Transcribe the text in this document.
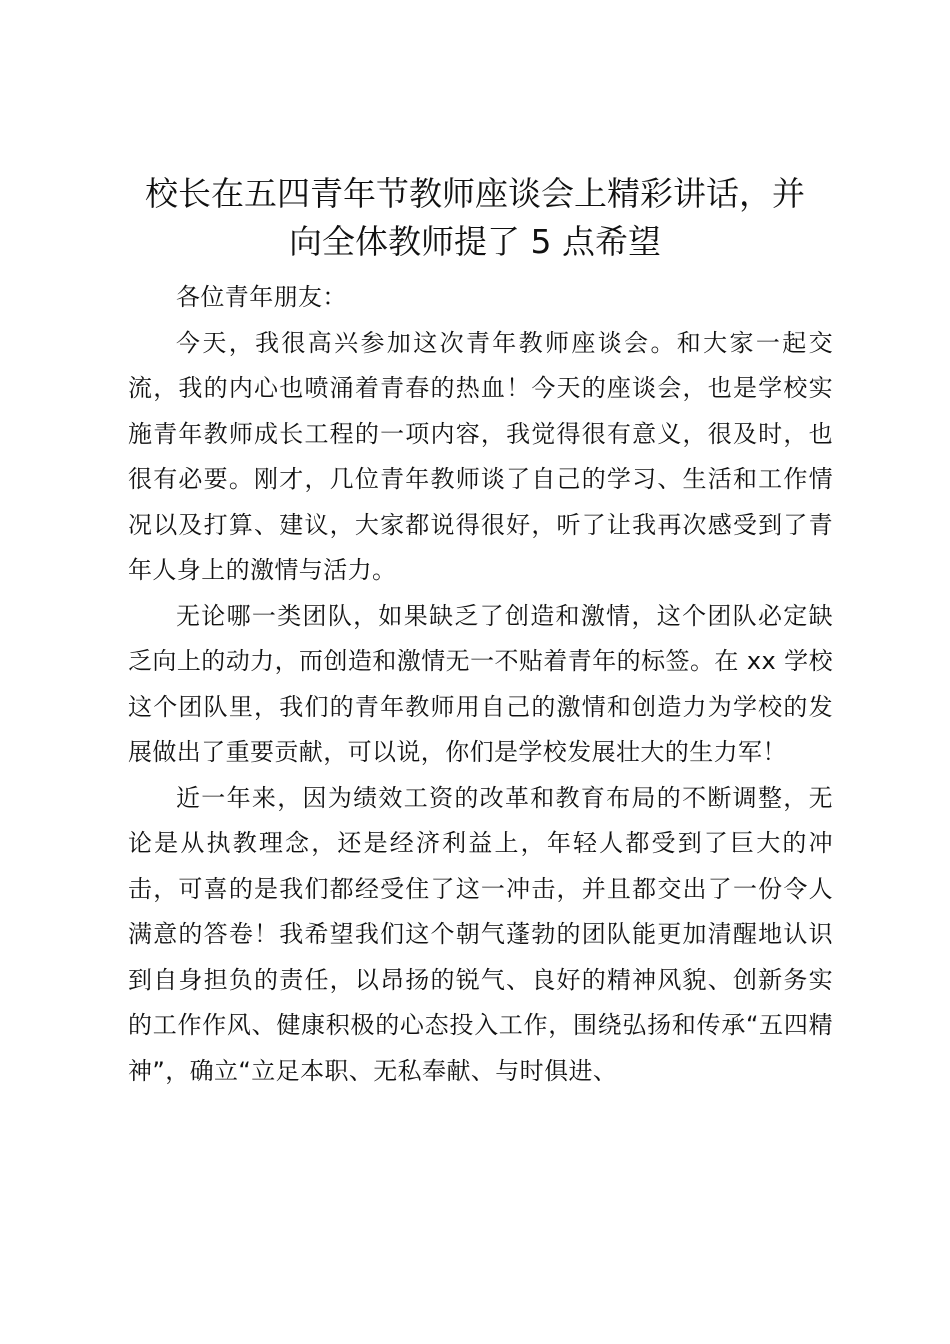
校长在五四青年节教师座谈会上精彩讲话，并
向全体教师提了 5 点希望

各位青年朋友：

今天，我很高兴参加这次青年教师座谈会。和大家一起交流，我的内心也喷涌着青春的热血！今天的座谈会，也是学校实施青年教师成长工程的一项内容，我觉得很有意义，很及时，也很有必要。刚才，几位青年教师谈了自己的学习、生活和工作情况以及打算、建议，大家都说得很好，听了让我再次感受到了青年人身上的激情与活力。

无论哪一类团队，如果缺乏了创造和激情，这个团队必定缺乏向上的动力，而创造和激情无一不贴着青年的标签。在 xx 学校这个团队里，我们的青年教师用自己的激情和创造力为学校的发展做出了重要贡献，可以说，你们是学校发展壮大的生力军！

近一年来，因为绩效工资的改革和教育布局的不断调整，无论是从执教理念，还是经济利益上，年轻人都受到了巨大的冲击，可喜的是我们都经受住了这一冲击，并且都交出了一份令人满意的答卷！我希望我们这个朝气蓬勃的团队能更加清醒地认识到自身担负的责任，以昂扬的锐气、良好的精神风貌、创新务实的工作作风、健康积极的心态投入工作，围绕弘扬和传承“五四精神”，确立“立足本职、无私奉献、与时俱进、
